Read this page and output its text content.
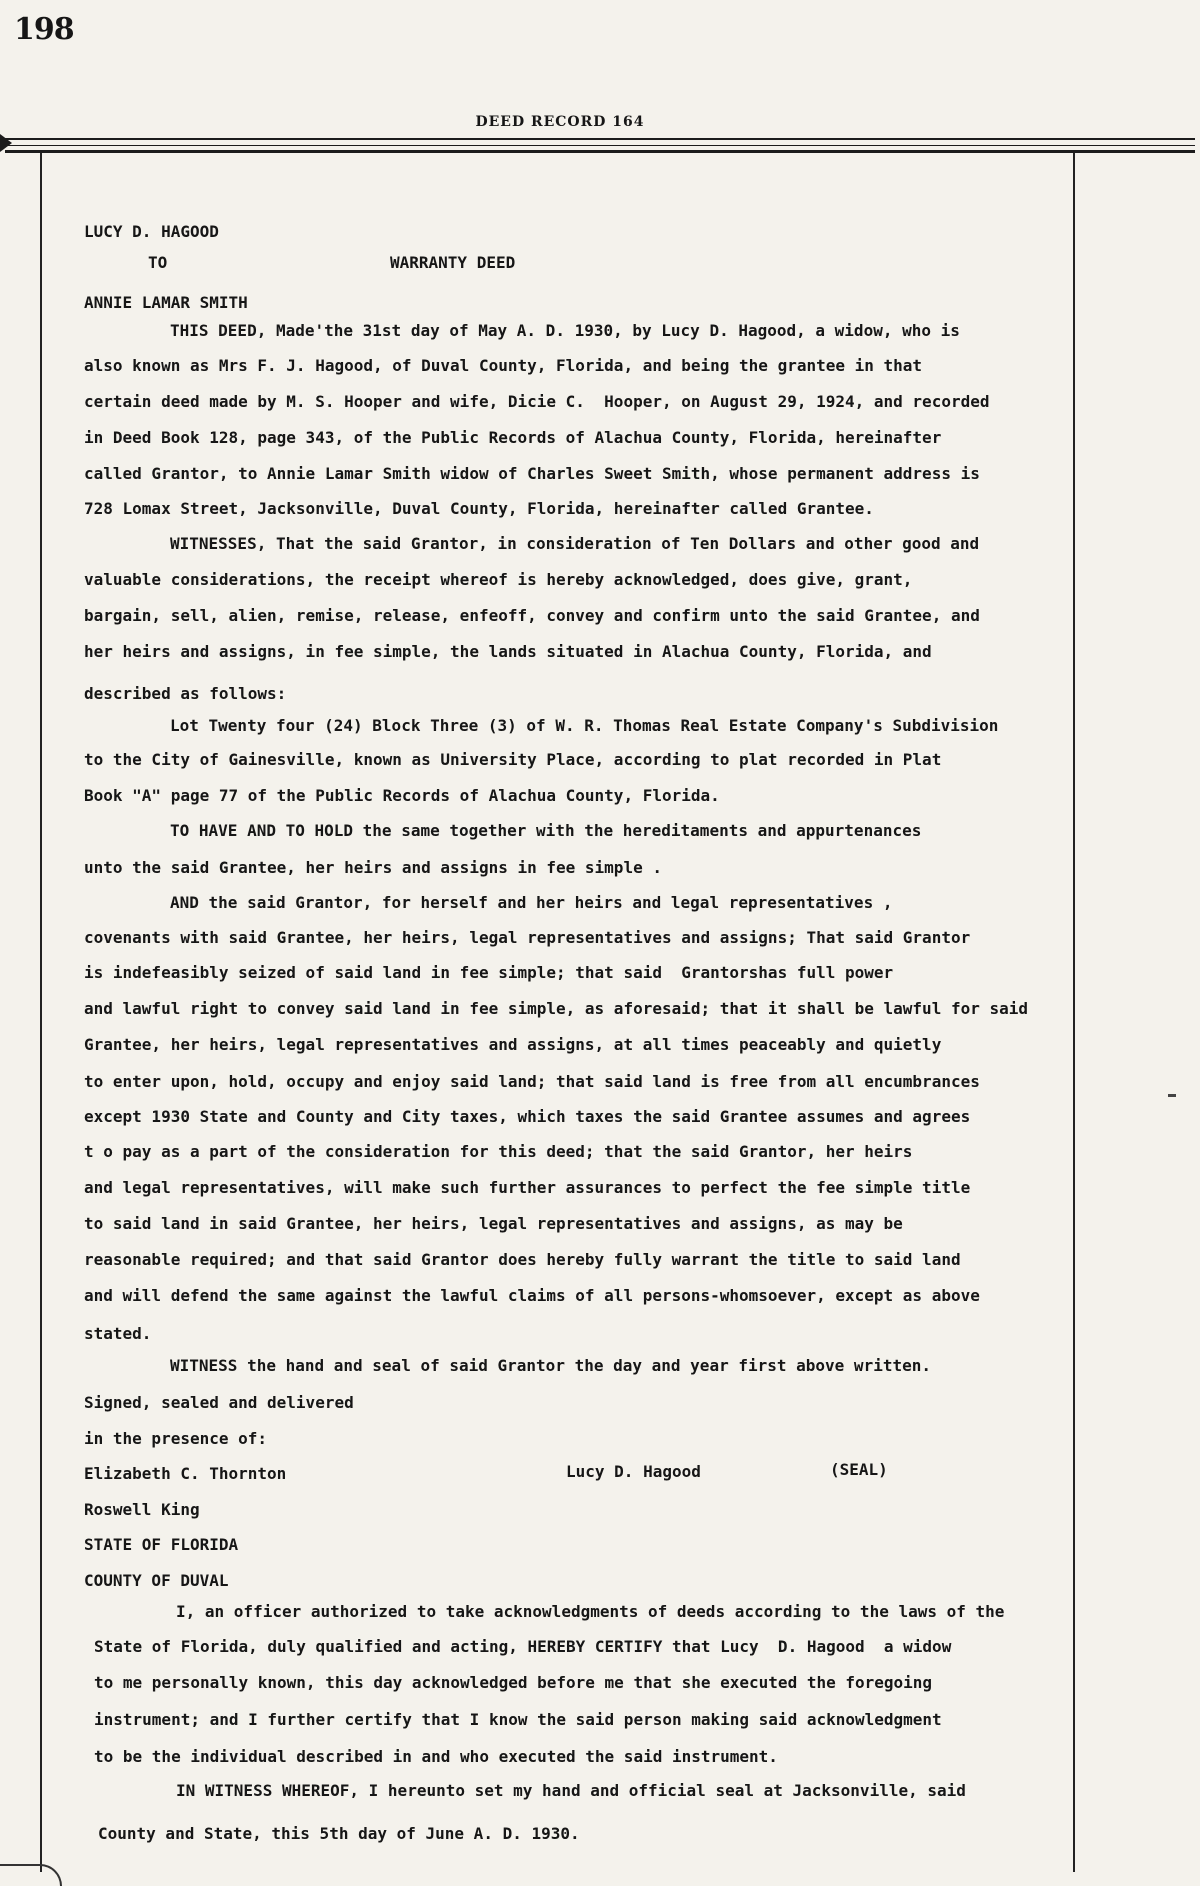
198
DEED RECORD 164

LUCY D. HAGOOD

TO	WARRANTY DEED

ANNIE LAMAR SMITH

THIS DEED, Made'the 31st day of May A. D. 1930, by Lucy D. Hagood, a widow, who is

also known as Mrs F. J. Hagood, of Duval County, Florida, and being the grantee in that

certain deed made by M. S. Hooper and wife, Dicie C.  Hooper, on August 29, 1924, and recorded

in Deed Book 128, page 343, of the Public Records of Alachua County, Florida, hereinafter

called Grantor, to Annie Lamar Smith widow of Charles Sweet Smith, whose permanent address is

728 Lomax Street, Jacksonville, Duval County, Florida, hereinafter called Grantee.

WITNESSES, That the said Grantor, in consideration of Ten Dollars and other good and

valuable considerations, the receipt whereof is hereby acknowledged, does give, grant,

bargain, sell, alien, remise, release, enfeoff, convey and confirm unto the said Grantee, and

her heirs and assigns, in fee simple, the lands situated in Alachua County, Florida, and

described as follows:

Lot Twenty four (24) Block Three (3) of W. R. Thomas Real Estate Company's Subdivision

to the City of Gainesville, known as University Place, according to plat recorded in Plat

Book "A" page 77 of the Public Records of Alachua County, Florida.

TO HAVE AND TO HOLD the same together with the hereditaments and appurtenances

unto the said Grantee, her heirs and assigns in fee simple .

AND the said Grantor, for herself and her heirs and legal representatives ,

covenants with said Grantee, her heirs, legal representatives and assigns; That said Grantor

is indefeasibly seized of said land in fee simple; that said  Grantorshas full power

and lawful right to convey said land in fee simple, as aforesaid; that it shall be lawful for said

Grantee, her heirs, legal representatives and assigns, at all times peaceably and quietly

to enter upon, hold, occupy and enjoy said land; that said land is free from all encumbrances

except 1930 State and County and City taxes, which taxes the said Grantee assumes and agrees

t o pay as a part of the consideration for this deed; that the said Grantor, her heirs

and legal representatives, will make such further assurances to perfect the fee simple title

to said land in said Grantee, her heirs, legal representatives and assigns, as may be

reasonable required; and that said Grantor does hereby fully warrant the title to said land

and will defend the same against the lawful claims of all persons-whomsoever, except as above

stated.

WITNESS the hand and seal of said Grantor the day and year first above written.

Signed, sealed and delivered

in the presence of:

Elizabeth C. Thornton	Lucy D. Hagood	(SEAL)

Roswell King

STATE OF FLORIDA

COUNTY OF DUVAL

I, an officer authorized to take acknowledgments of deeds according to the laws of the

State of Florida, duly qualified and acting, HEREBY CERTIFY that Lucy  D. Hagood  a widow

to me personally known, this day acknowledged before me that she executed the foregoing

instrument; and I further certify that I know the said person making said acknowledgment

to be the individual described in and who executed the said instrument.

IN WITNESS WHEREOF, I hereunto set my hand and official seal at Jacksonville, said

County and State, this 5th day of June A. D. 1930.
